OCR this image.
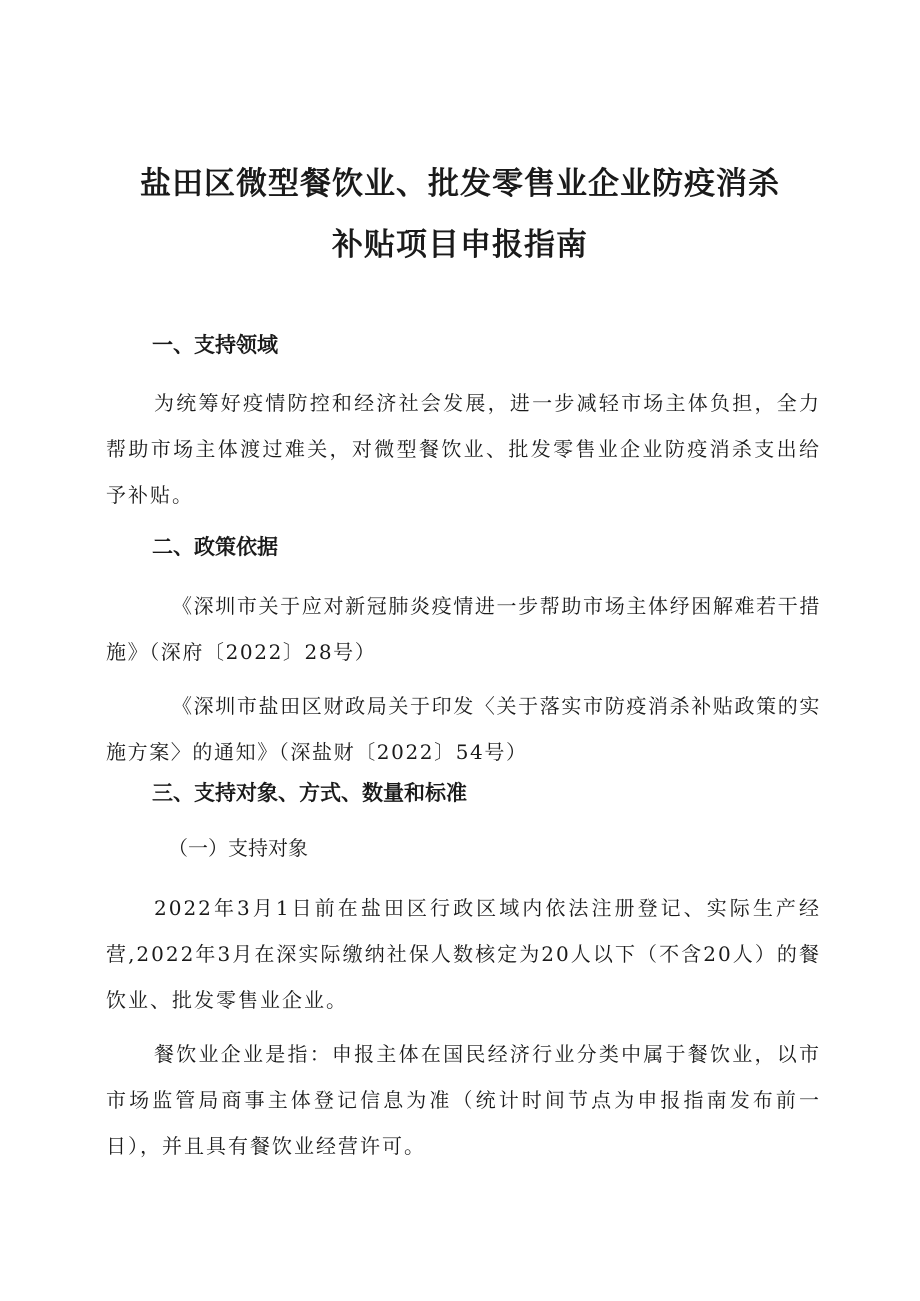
盐田区微型餐饮业、批发零售业企业防疫消杀
补贴项目申报指南
一、支持领域
为统筹好疫情防控和经济社会发展，进一步减轻市场主体负担，全力帮助市场主体渡过难关，对微型餐饮业、批发零售业企业防疫消杀支出给予补贴。
二、政策依据
《深圳市关于应对新冠肺炎疫情进一步帮助市场主体纾困解难若干措施》（深府〔2022〕28号）
《深圳市盐田区财政局关于印发〈关于落实市防疫消杀补贴政策的实施方案〉的通知》（深盐财〔2022〕54号）
三、支持对象、方式、数量和标准
（一）支持对象
2022年3月1日前在盐田区行政区域内依法注册登记、实际生产经营,2022年3月在深实际缴纳社保人数核定为20人以下（不含20人）的餐饮业、批发零售业企业。
餐饮业企业是指：申报主体在国民经济行业分类中属于餐饮业，以市市场监管局商事主体登记信息为准（统计时间节点为申报指南发布前一日），并且具有餐饮业经营许可。
